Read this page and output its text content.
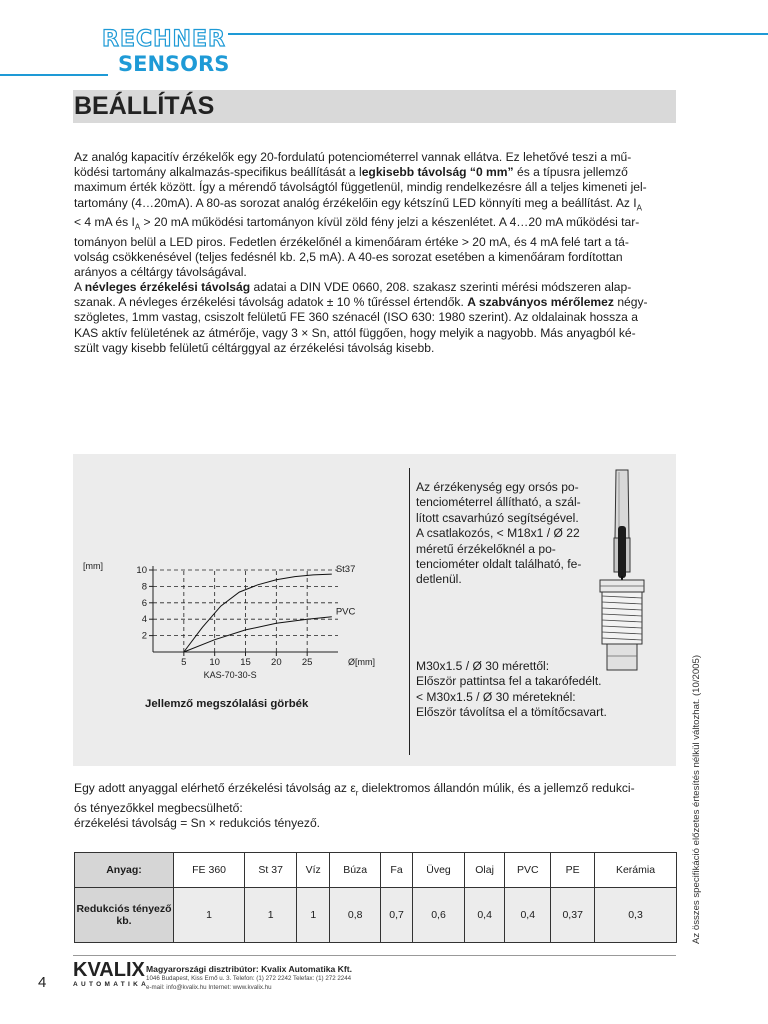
RECHNER
SENSORS
BEÁLLÍTÁS
Az analóg kapacitív érzékelők egy 20-fordulatú potenciométerrel vannak ellátva. Ez lehetővé teszi a mű-
ködési tartomány alkalmazás-specifikus beállítását a legkisebb távolság “0 mm” és a típusra jellemző
maximum érték között. Így a mérendő távolságtól függetlenül, mindig rendelkezésre áll a teljes kimeneti jel-
tartomány (4…20mA). A 80-as sorozat analóg érzékelőin egy kétszínű LED könnyíti meg a beállítást. Az $I_A$
< 4 mA és $I_A > 20$ mA működési tartományon kívül zöld fény jelzi a készenlétet. A 4…20 mA működési tar-
tományon belül a LED piros. Fedetlen érzékelőnél a kimenőáram értéke > 20 mA, és 4 mA felé tart a tá-
volság csökkenésével (teljes fedésnél kb. 2,5 mA). A 40-es sorozat esetében a kimenőáram fordítottan
arányos a céltárgy távolságával.
A névleges érzékelési távolság adatai a DIN VDE 0660, 208. szakasz szerinti mérési módszeren alap-
szanak. A névleges érzékelési távolság adatok ± 10 % tűréssel értendők. A szabványos mérőlemez négy-
szögletes, 1mm vastag, csiszolt felületű FE 360 szénacél (ISO 630: 1980 szerint). Az oldalainak hossza a
KAS aktív felületének az átmérője, vagy 3 × Sn, attól függően, hogy melyik a nagyobb. Más anyagból ké-
szült vagy kisebb felületű céltárggyal az érzékelési távolság kisebb.
5 10 15 20 25
2
4
6
8
10
[mm]
Ø[mm]
KAS-70-30-S
St37
PVC
Jellemző megszólalási görbék
Az érzékenység egy orsós po-
tenciométerrel állítható, a szál-
lított csavarhúzó segítségével.
A csatlakozós, < M18x1 / Ø 22
méretű érzékelőknél a po-
tenciométer oldalt található, fe-
detlenül.
M30x1.5 / Ø 30 mérettől:
Először pattintsa fel a takarófedélt.
< M30x1.5 / Ø 30 méreteknél:
Először távolítsa el a tömítőcsavart.
Egy adott anyaggal elérhető érzékelési távolság az $\varepsilon_r$ dielektromos állandón múlik, és a jellemző redukci-
ós tényezőkkel megbecsülhető:
érzékelési távolság = Sn × redukciós tényező.
Anyag:	FE 360	St 37	Víz	Búza	Fa	Üveg	Olaj	PVC	PE	Kerámia

Redukciós tényező
kb.	1	1	1	0,8	0,7	0,6	0,4	0,4	0,37	0,3	Az összes specifikáció előzetes értesítés nélkül változhat. (10/2005)
4
KVALIX
AUTOMATIKA
Magyarországi disztribútor: Kvalix Automatika Kft.
1046 Budapest, Kiss Ernő u. 3. Telefon: (1) 272 2242 Telefax: (1) 272 2244
e-mail: info@kvalix.hu Internet: www.kvalix.hu
